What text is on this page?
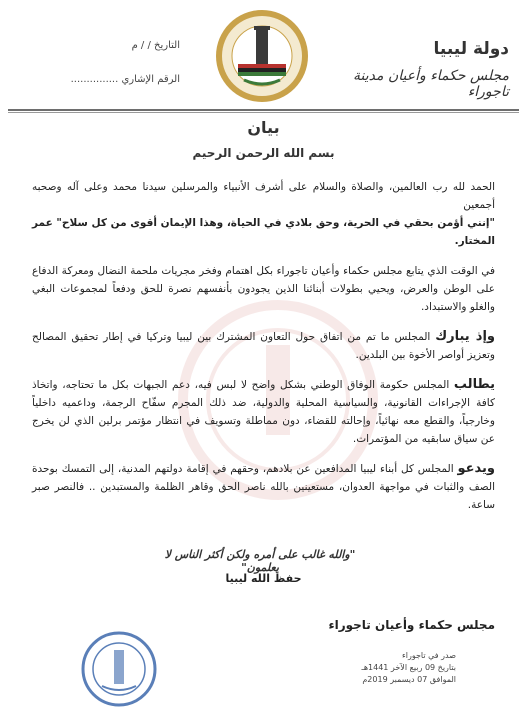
دولة ليبيا
مجلس حكماء وأعيان مدينة تاجوراء
التاريخ / / م
الرقم الإشاري ...............
بيان
بسم الله الرحمن الرحيم

الحمد لله رب العالمين، والصلاة والسلام على أشرف الأنبياء والمرسلين سيدنا محمد وعلى آله وصحبه أجمعين
"إنني أؤمن بحقي في الحرية، وحق بلادي في الحياة، وهذا الإيمان أقوى من كل سلاح" عمر المختار.

في الوقت الذي يتابع مجلس حكماء وأعيان تاجوراء بكل اهتمام وفخر مجريات ملحمة النضال ومعركة الدفاع على الوطن والعرض، ويحيي بطولات أبنائنا الذين يجودون بأنفسهم نصرة للحق ودفعاً لمجموعات البغي والغلو والاستبداد.

وإذ يبارك المجلس ما تم من اتفاق حول التعاون المشترك بين ليبيا وتركيا في إطار تحقيق المصالح وتعزيز أواصر الأخوة بين البلدين.

يطالب المجلس حكومة الوفاق الوطني بشكل واضح لا لبس فيه، دعم الجبهات بكل ما تحتاجه، واتخاذ كافة الإجراءات القانونية، والسياسية المحلية والدولية، ضد ذلك المجرم سفّاح الرجمة، وداعميه داخلياً وخارجياً، والقطع معه نهائياً، وإحالته للقضاء، دون مماطلة وتسويف في انتظار مؤتمر برلين الذي لن يخرج عن سياق سابقيه من المؤتمرات.

ويدعو المجلس كل أبناء ليبيا المدافعين عن بلادهم، وحقهم في إقامة دولتهم المدنية، إلى التمسك بوحدة الصف والثبات في مواجهة العدوان، مستعينين بالله ناصر الحق وقاهر الظلمة والمستبدين .. فالنصر صبر ساعة.

"والله غالب على أمره ولكن أكثر الناس لا يعلمون"
حفظ الله ليبيا
مجلس حكماء وأعيان تاجوراء
صدر في تاجوراء
بتاريخ 09 ربيع الآخر 1441هـ
الموافق 07 ديسمبر 2019م
